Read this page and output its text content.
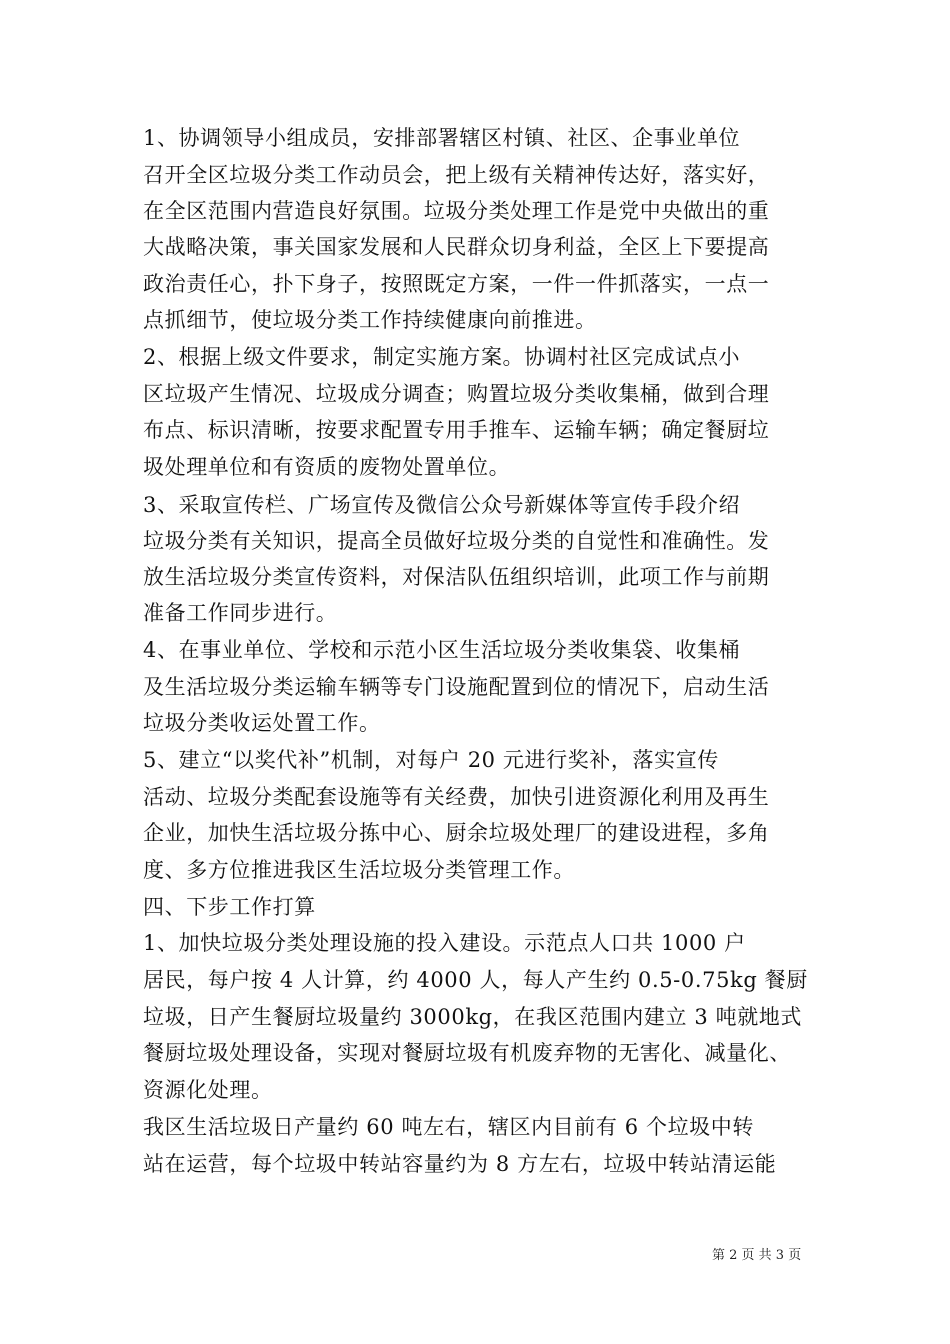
1、协调领导小组成员，安排部署辖区村镇、社区、企事业单位
召开全区垃圾分类工作动员会，把上级有关精神传达好，落实好，
在全区范围内营造良好氛围。垃圾分类处理工作是党中央做出的重
大战略决策，事关国家发展和人民群众切身利益，全区上下要提高
政治责任心，扑下身子，按照既定方案，一件一件抓落实，一点一
点抓细节，使垃圾分类工作持续健康向前推进。
2、根据上级文件要求，制定实施方案。协调村社区完成试点小
区垃圾产生情况、垃圾成分调查；购置垃圾分类收集桶，做到合理
布点、标识清晰，按要求配置专用手推车、运输车辆；确定餐厨垃
圾处理单位和有资质的废物处置单位。
3、采取宣传栏、广场宣传及微信公众号新媒体等宣传手段介绍
垃圾分类有关知识，提高全员做好垃圾分类的自觉性和准确性。发
放生活垃圾分类宣传资料，对保洁队伍组织培训，此项工作与前期
准备工作同步进行。
4、在事业单位、学校和示范小区生活垃圾分类收集袋、收集桶
及生活垃圾分类运输车辆等专门设施配置到位的情况下，启动生活
垃圾分类收运处置工作。
5、建立“以奖代补”机制，对每户 20 元进行奖补，落实宣传
活动、垃圾分类配套设施等有关经费，加快引进资源化利用及再生
企业，加快生活垃圾分拣中心、厨余垃圾处理厂的建设进程，多角
度、多方位推进我区生活垃圾分类管理工作。
四、下步工作打算
1、加快垃圾分类处理设施的投入建设。示范点人口共 1000 户
居民，每户按 4 人计算，约 4000 人，每人产生约 0.5-0.75kg 餐厨
垃圾，日产生餐厨垃圾量约 3000kg，在我区范围内建立 3 吨就地式
餐厨垃圾处理设备，实现对餐厨垃圾有机废弃物的无害化、减量化、
资源化处理。
我区生活垃圾日产量约 60 吨左右，辖区内目前有 6 个垃圾中转
站在运营，每个垃圾中转站容量约为 8 方左右，垃圾中转站清运能
第 2 页 共 3 页
